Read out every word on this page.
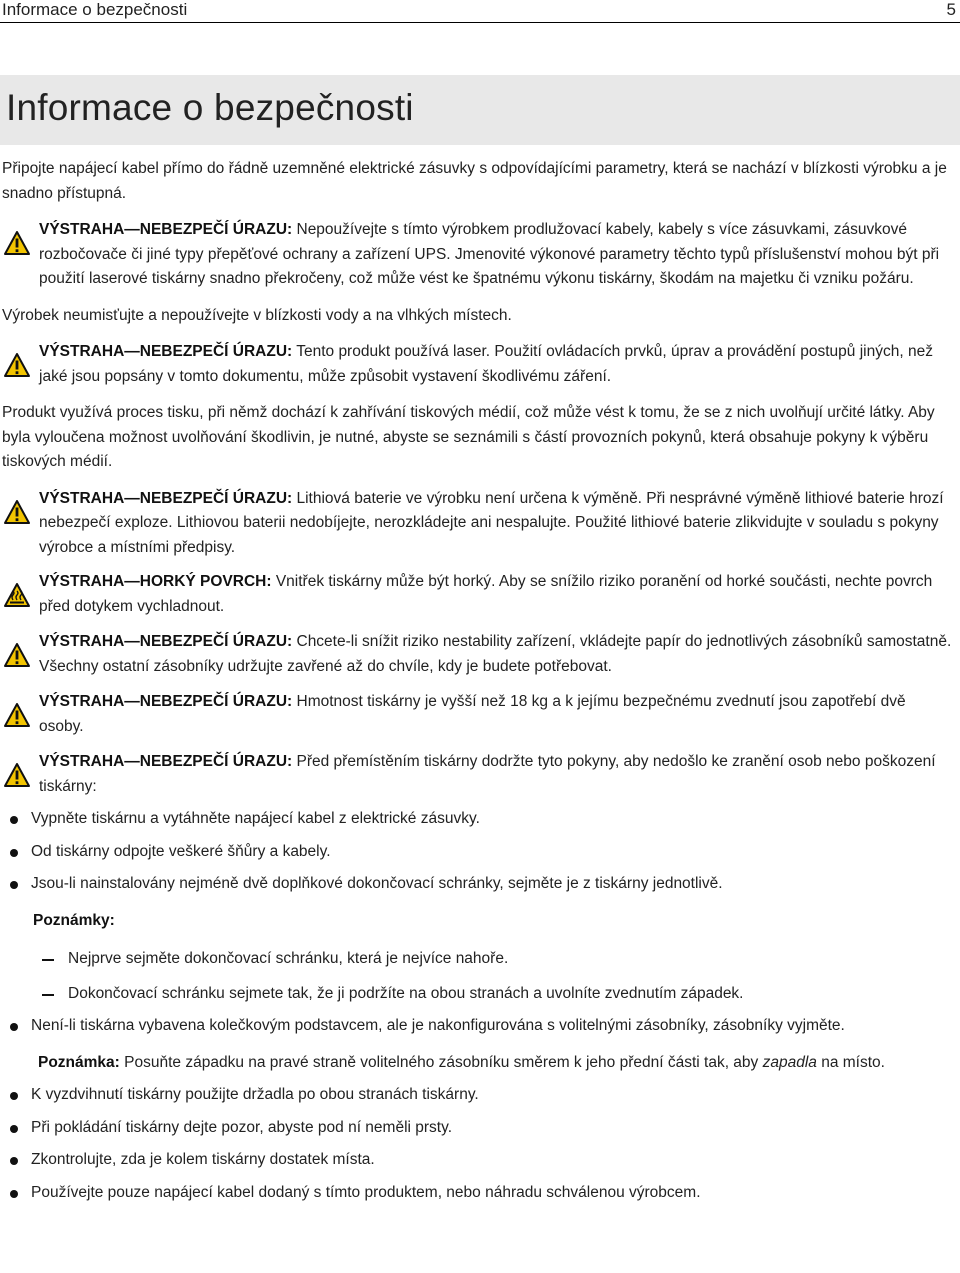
Informace o bezpečnosti	5
Informace o bezpečnosti

Připojte napájecí kabel přímo do řádně uzemněné elektrické zásuvky s odpovídajícími parametry, která se nachází v blízkosti výrobku a je snadno přístupná.

VÝSTRAHA—NEBEZPEČÍ ÚRAZU: Nepoužívejte s tímto výrobkem prodlužovací kabely, kabely s více zásuvkami, zásuvkové rozbočovače či jiné typy přepěťové ochrany a zařízení UPS. Jmenovité výkonové parametry těchto typů příslušenství mohou být při použití laserové tiskárny snadno překročeny, což může vést ke špatnému výkonu tiskárny, škodám na majetku či vzniku požáru.

Výrobek neumisťujte a nepoužívejte v blízkosti vody a na vlhkých místech.

VÝSTRAHA—NEBEZPEČÍ ÚRAZU: Tento produkt používá laser. Použití ovládacích prvků, úprav a provádění postupů jiných, než jaké jsou popsány v tomto dokumentu, může způsobit vystavení škodlivému záření.

Produkt využívá proces tisku, při němž dochází k zahřívání tiskových médií, což může vést k tomu, že se z nich uvolňují určité látky. Aby byla vyloučena možnost uvolňování škodlivin, je nutné, abyste se seznámili s částí provozních pokynů, která obsahuje pokyny k výběru tiskových médií.

VÝSTRAHA—NEBEZPEČÍ ÚRAZU: Lithiová baterie ve výrobku není určena k výměně. Při nesprávné výměně lithiové baterie hrozí nebezpečí exploze. Lithiovou baterii nedobíjejte, nerozkládejte ani nespalujte. Použité lithiové baterie zlikvidujte v souladu s pokyny výrobce a místními předpisy.

VÝSTRAHA—HORKÝ POVRCH: Vnitřek tiskárny může být horký. Aby se snížilo riziko poranění od horké součásti, nechte povrch před dotykem vychladnout.

VÝSTRAHA—NEBEZPEČÍ ÚRAZU: Chcete-li snížit riziko nestability zařízení, vkládejte papír do jednotlivých zásobníků samostatně. Všechny ostatní zásobníky udržujte zavřené až do chvíle, kdy je budete potřebovat.

VÝSTRAHA—NEBEZPEČÍ ÚRAZU: Hmotnost tiskárny je vyšší než 18 kg a k jejímu bezpečnému zvednutí jsou zapotřebí dvě osoby.

VÝSTRAHA—NEBEZPEČÍ ÚRAZU: Před přemístěním tiskárny dodržte tyto pokyny, aby nedošlo ke zranění osob nebo poškození tiskárny:

Vypněte tiskárnu a vytáhněte napájecí kabel z elektrické zásuvky.
Od tiskárny odpojte veškeré šňůry a kabely.
Jsou-li nainstalovány nejméně dvě doplňkové dokončovací schránky, sejměte je z tiskárny jednotlivě.

Poznámky:

Nejprve sejměte dokončovací schránku, která je nejvíce nahoře.
Dokončovací schránku sejmete tak, že ji podržíte na obou stranách a uvolníte zvednutím západek.
Není-li tiskárna vybavena kolečkovým podstavcem, ale je nakonfigurována s volitelnými zásobníky, zásobníky vyjměte.

Poznámka: Posuňte západku na pravé straně volitelného zásobníku směrem k jeho přední části tak, aby zapadla na místo.

K vyzdvihnutí tiskárny použijte držadla po obou stranách tiskárny.
Při pokládání tiskárny dejte pozor, abyste pod ní neměli prsty.
Zkontrolujte, zda je kolem tiskárny dostatek místa.
Používejte pouze napájecí kabel dodaný s tímto produktem, nebo náhradu schválenou výrobcem.
